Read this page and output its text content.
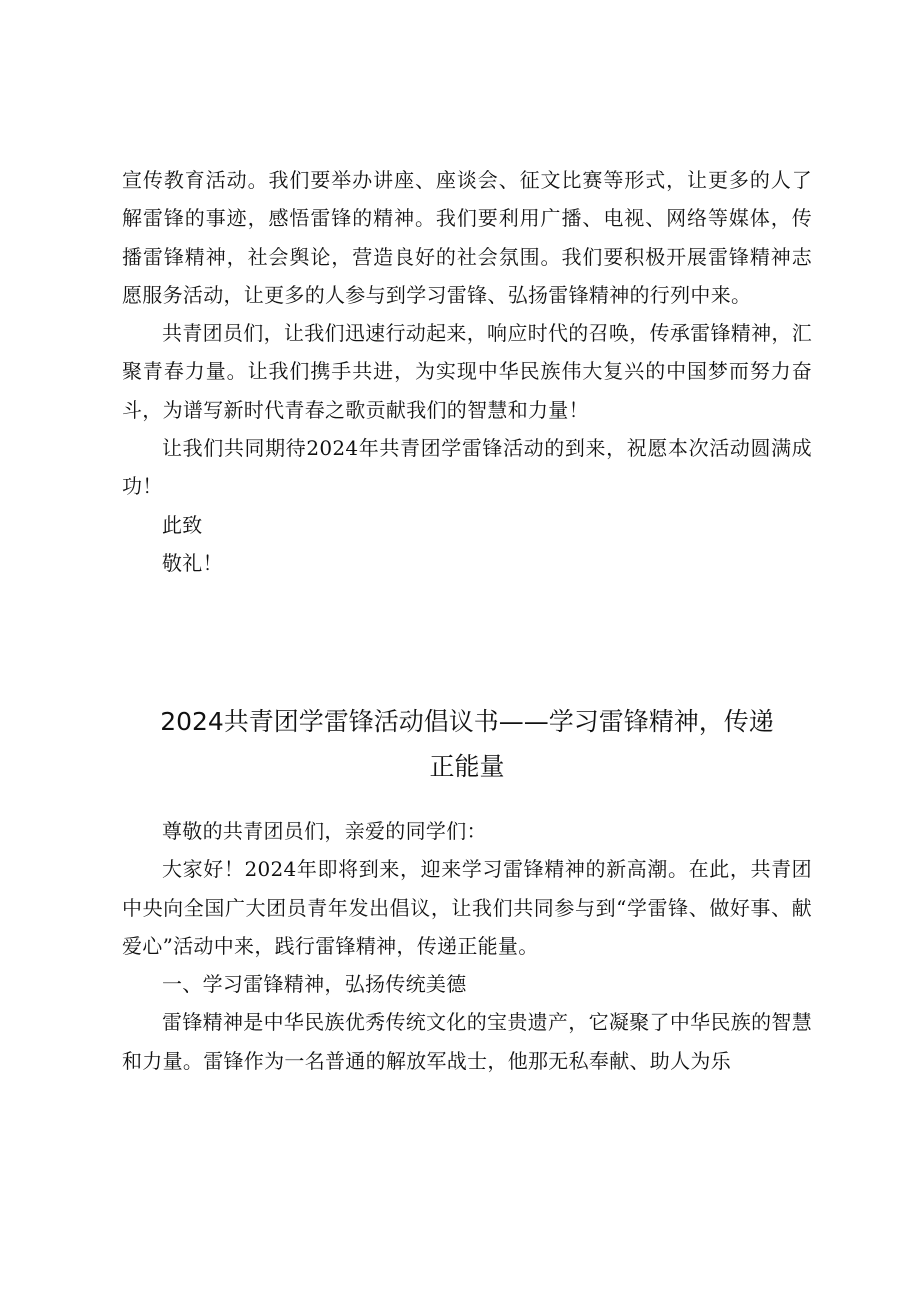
宣传教育活动。我们要举办讲座、座谈会、征文比赛等形式，让更多的人了解雷锋的事迹，感悟雷锋的精神。我们要利用广播、电视、网络等媒体，传播雷锋精神，社会舆论，营造良好的社会氛围。我们要积极开展雷锋精神志愿服务活动，让更多的人参与到学习雷锋、弘扬雷锋精神的行列中来。

共青团员们，让我们迅速行动起来，响应时代的召唤，传承雷锋精神，汇聚青春力量。让我们携手共进，为实现中华民族伟大复兴的中国梦而努力奋斗，为谱写新时代青春之歌贡献我们的智慧和力量！

让我们共同期待2024年共青团学雷锋活动的到来，祝愿本次活动圆满成功！

此致

敬礼！

2024共青团学雷锋活动倡议书——学习雷锋精神，传递
正能量

尊敬的共青团员们，亲爱的同学们：

大家好！2024年即将到来，迎来学习雷锋精神的新高潮。在此，共青团中央向全国广大团员青年发出倡议，让我们共同参与到“学雷锋、做好事、献爱心”活动中来，践行雷锋精神，传递正能量。

一、学习雷锋精神，弘扬传统美德

雷锋精神是中华民族优秀传统文化的宝贵遗产，它凝聚了中华民族的智慧和力量。雷锋作为一名普通的解放军战士，他那无私奉献、助人为乐
